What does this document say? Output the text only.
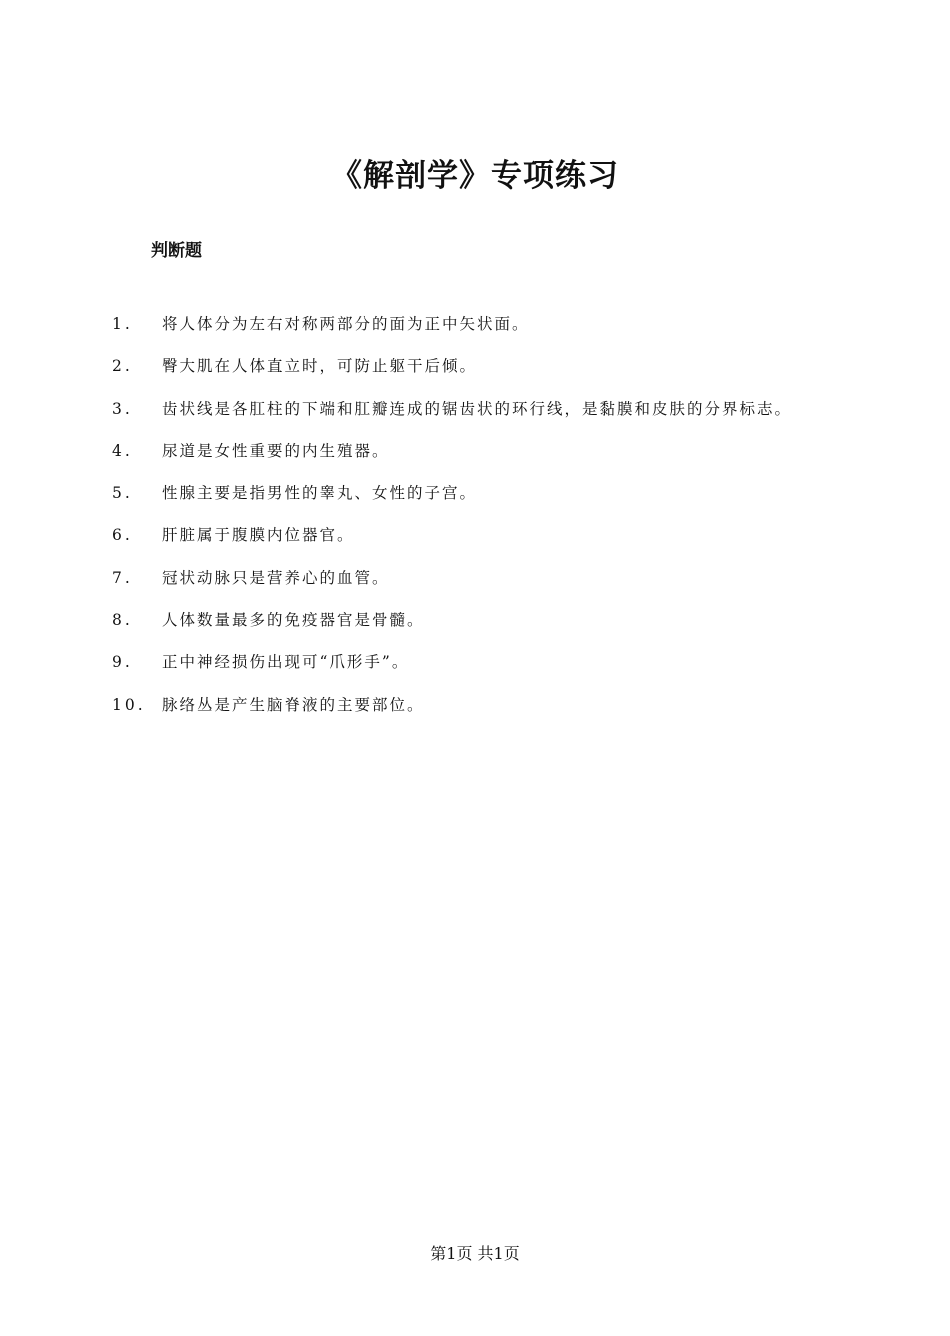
《解剖学》专项练习
判断题
1. 将人体分为左右对称两部分的面为正中矢状面。
2. 臀大肌在人体直立时，可防止躯干后倾。
3. 齿状线是各肛柱的下端和肛瓣连成的锯齿状的环行线，是黏膜和皮肤的分界标志。
4. 尿道是女性重要的内生殖器。
5. 性腺主要是指男性的睾丸、女性的子宫。
6. 肝脏属于腹膜内位器官。
7. 冠状动脉只是营养心的血管。
8. 人体数量最多的免疫器官是骨髓。
9. 正中神经损伤出现可“爪形手”。
10. 脉络丛是产生脑脊液的主要部位。
第1页 共1页
